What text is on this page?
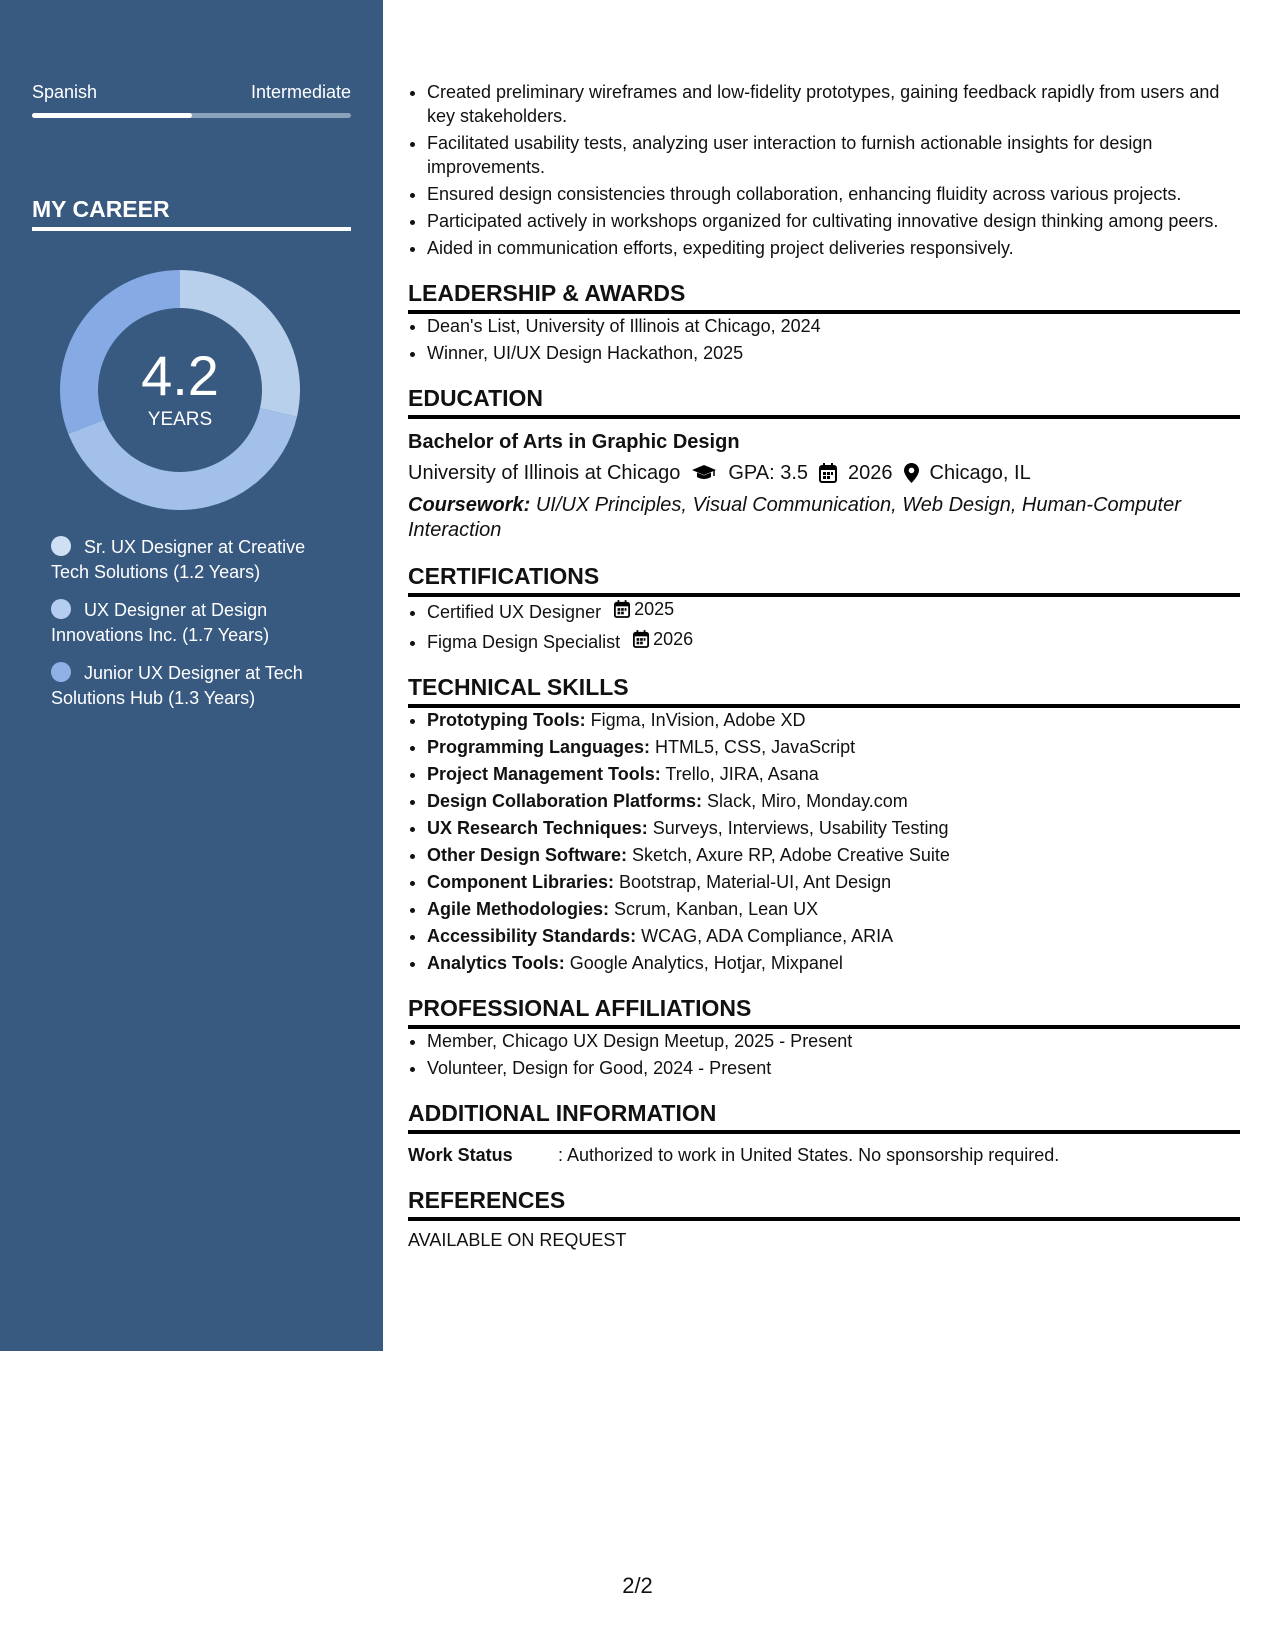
Spanish	Intermediate
MY CAREER
4.2
YEARS
Sr. UX Designer at Creative Tech Solutions (1.2 Years)
UX Designer at Design Innovations Inc. (1.7 Years)
Junior UX Designer at Tech Solutions Hub (1.3 Years)
• Created preliminary wireframes and low-fidelity prototypes, gaining feedback rapidly from users and key stakeholders.
• Facilitated usability tests, analyzing user interaction to furnish actionable insights for design improvements.
• Ensured design consistencies through collaboration, enhancing fluidity across various projects.
• Participated actively in workshops organized for cultivating innovative design thinking among peers.
• Aided in communication efforts, expediting project deliveries responsively.
LEADERSHIP & AWARDS
• Dean's List, University of Illinois at Chicago, 2024
• Winner, UI/UX Design Hackathon, 2025
EDUCATION
Bachelor of Arts in Graphic Design
University of Illinois at Chicago GPA: 3.5 2026 Chicago, IL
Coursework: UI/UX Principles, Visual Communication, Web Design, Human-Computer Interaction
CERTIFICATIONS
• Certified UX Designer 2025
• Figma Design Specialist 2026
TECHNICAL SKILLS
• Prototyping Tools: Figma, InVision, Adobe XD
• Programming Languages: HTML5, CSS, JavaScript
• Project Management Tools: Trello, JIRA, Asana
• Design Collaboration Platforms: Slack, Miro, Monday.com
• UX Research Techniques: Surveys, Interviews, Usability Testing
• Other Design Software: Sketch, Axure RP, Adobe Creative Suite
• Component Libraries: Bootstrap, Material-UI, Ant Design
• Agile Methodologies: Scrum, Kanban, Lean UX
• Accessibility Standards: WCAG, ADA Compliance, ARIA
• Analytics Tools: Google Analytics, Hotjar, Mixpanel
PROFESSIONAL AFFILIATIONS
• Member, Chicago UX Design Meetup, 2025 - Present
• Volunteer, Design for Good, 2024 - Present
ADDITIONAL INFORMATION
Work Status	: Authorized to work in United States. No sponsorship required.
REFERENCES
AVAILABLE ON REQUEST
2/2
